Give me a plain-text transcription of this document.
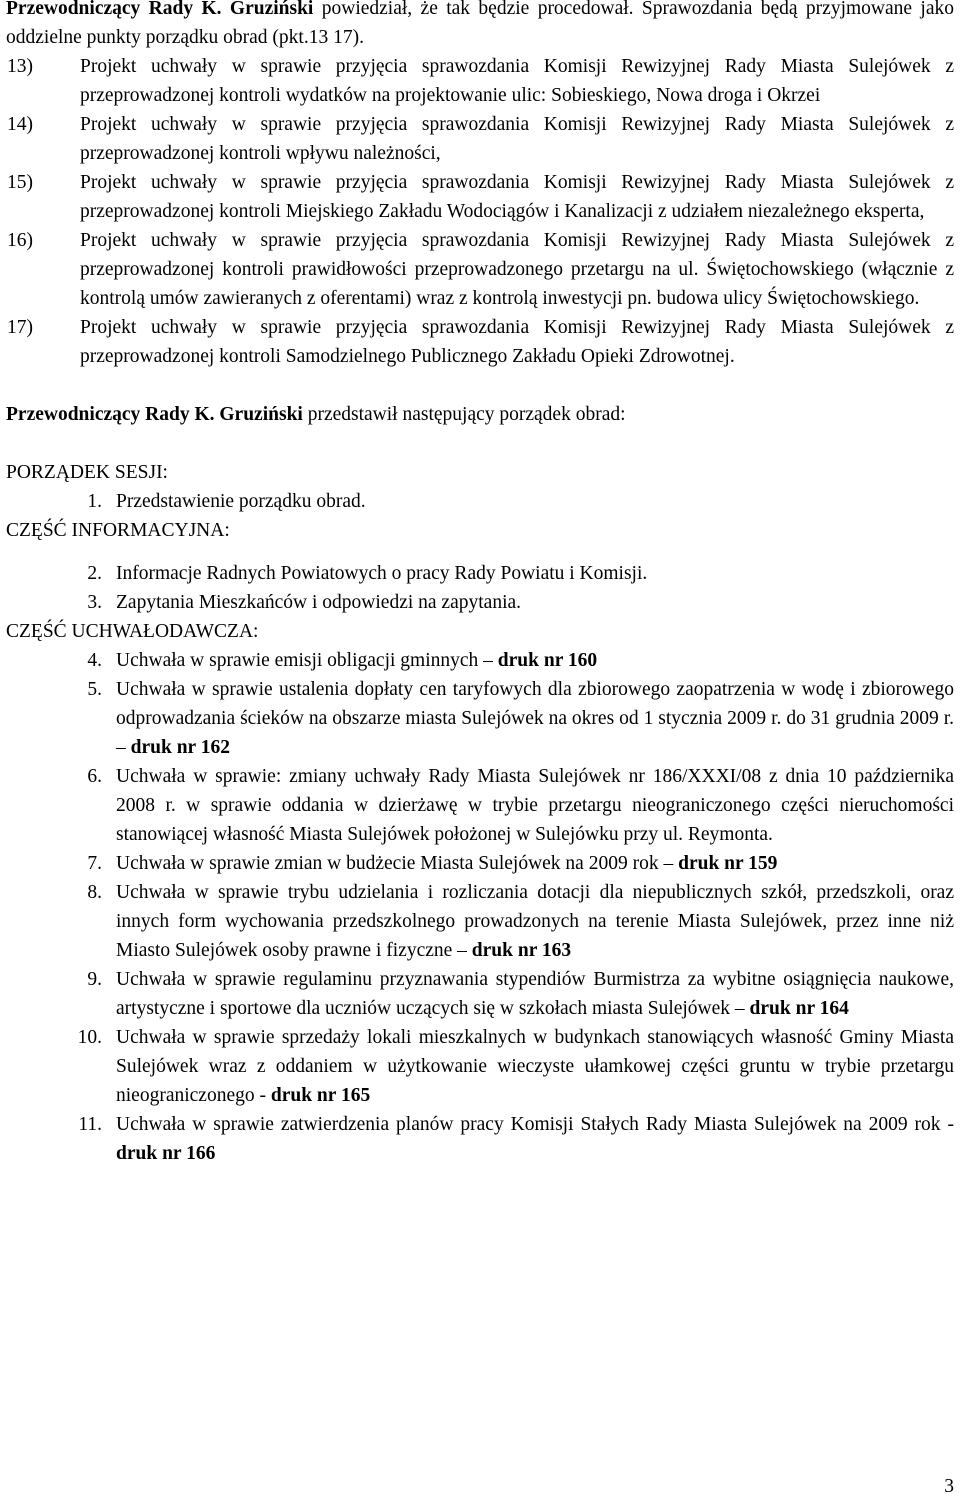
Przewodniczący Rady K. Gruziński powiedział, że tak będzie procedował. Sprawozdania będą przyjmowane jako oddzielne punkty porządku obrad (pkt.13 17).

13) Projekt uchwały w sprawie przyjęcia sprawozdania Komisji Rewizyjnej Rady Miasta Sulejówek z przeprowadzonej kontroli wydatków na projektowanie ulic: Sobieskiego, Nowa droga i Okrzei
14) Projekt uchwały w sprawie przyjęcia sprawozdania Komisji Rewizyjnej Rady Miasta Sulejówek z przeprowadzonej kontroli wpływu należności,
15) Projekt uchwały w sprawie przyjęcia sprawozdania Komisji Rewizyjnej Rady Miasta Sulejówek z przeprowadzonej kontroli Miejskiego Zakładu Wodociągów i Kanalizacji z udziałem niezależnego eksperta,
16) Projekt uchwały w sprawie przyjęcia sprawozdania Komisji Rewizyjnej Rady Miasta Sulejówek z przeprowadzonej kontroli prawidłowości przeprowadzonego przetargu na ul. Świętochowskiego (włącznie z kontrolą umów zawieranych z oferentami) wraz z kontrolą inwestycji pn. budowa ulicy Świętochowskiego.
17) Projekt uchwały w sprawie przyjęcia sprawozdania Komisji Rewizyjnej Rady Miasta Sulejówek z przeprowadzonej kontroli Samodzielnego Publicznego Zakładu Opieki Zdrowotnej.

Przewodniczący Rady K. Gruziński przedstawił następujący porządek obrad:

PORZĄDEK SESJI:
1. Przedstawienie porządku obrad.
CZĘŚĆ INFORMACYJNA:
2. Informacje Radnych Powiatowych o pracy Rady Powiatu i Komisji.
3. Zapytania Mieszkańców i odpowiedzi na zapytania.
CZĘŚĆ UCHWAŁODAWCZA:
4. Uchwała w sprawie emisji obligacji gminnych – druk nr 160
5. Uchwała w sprawie ustalenia dopłaty cen taryfowych dla zbiorowego zaopatrzenia w wodę i zbiorowego odprowadzania ścieków na obszarze miasta Sulejówek na okres od 1 stycznia 2009 r. do 31 grudnia 2009 r. – druk nr 162
6. Uchwała w sprawie: zmiany uchwały Rady Miasta Sulejówek nr 186/XXXI/08 z dnia 10 października 2008 r. w sprawie oddania w dzierżawę w trybie przetargu nieograniczonego części nieruchomości stanowiącej własność Miasta Sulejówek położonej w Sulejówku przy ul. Reymonta.
7. Uchwała w sprawie zmian w budżecie Miasta Sulejówek na 2009 rok – druk nr 159
8. Uchwała w sprawie trybu udzielania i rozliczania dotacji dla niepublicznych szkół, przedszkoli, oraz innych form wychowania przedszkolnego prowadzonych na terenie Miasta Sulejówek, przez inne niż Miasto Sulejówek osoby prawne i fizyczne – druk nr 163
9. Uchwała w sprawie regulaminu przyznawania stypendiów Burmistrza za wybitne osiągnięcia naukowe, artystyczne i sportowe dla uczniów uczących się w szkołach miasta Sulejówek – druk nr 164
10. Uchwała w sprawie sprzedaży lokali mieszkalnych w budynkach stanowiących własność Gminy Miasta Sulejówek wraz z oddaniem w użytkowanie wieczyste ułamkowej części gruntu w trybie przetargu nieograniczonego - druk nr 165
11. Uchwała w sprawie zatwierdzenia planów pracy Komisji Stałych Rady Miasta Sulejówek na 2009 rok - druk nr 166
3
